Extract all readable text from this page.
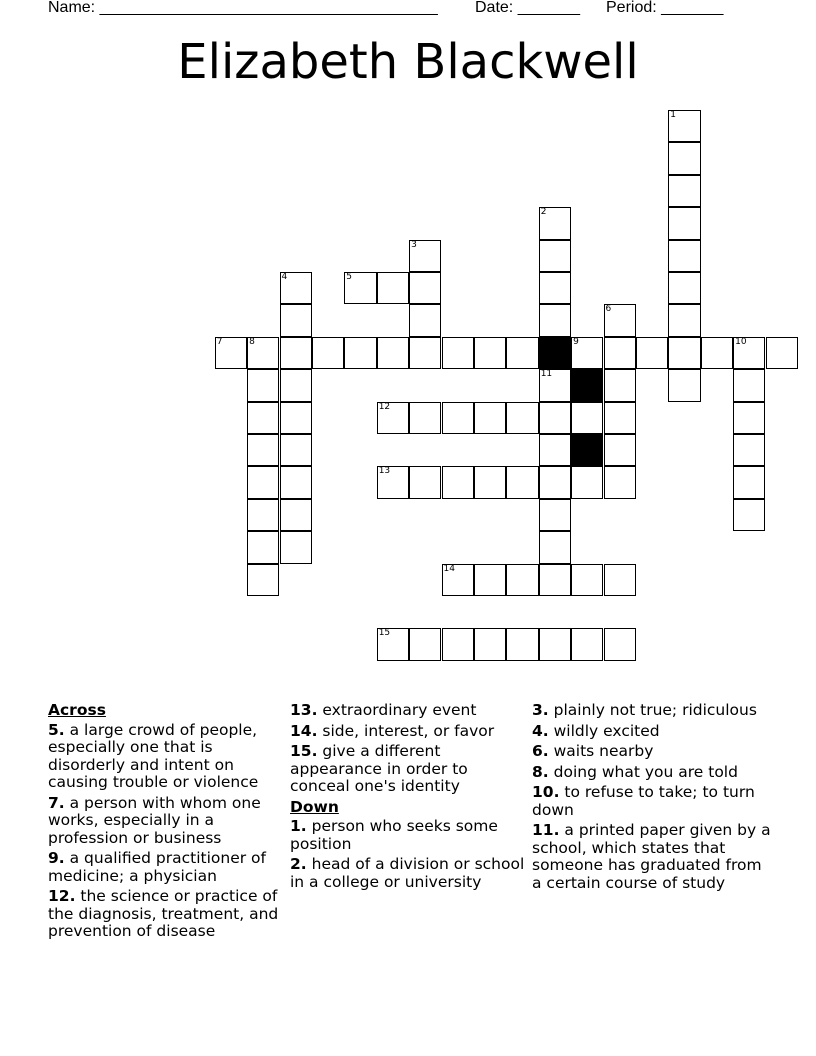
Name: ______________________________________ Date: _______ Period: _______
Elizabeth Blackwell
1
2
11
3
4	5
6
7	8	9	10
12
13
14
15
Across
5. a large crowd of people, especially one that is disorderly and intent on causing trouble or violence
7. a person with whom one works, especially in a profession or business
9. a qualified practitioner of medicine; a physician
12. the science or practice of the diagnosis, treatment, and prevention of disease
13. extraordinary event
14. side, interest, or favor
15. give a different appearance in order to conceal one's identity
Down
1. person who seeks some position
2. head of a division or school in a college or university
3. plainly not true; ridiculous
4. wildly excited
6. waits nearby
8. doing what you are told
10. to refuse to take; to turn down
11. a printed paper given by a school, which states that someone has graduated from a certain course of study
